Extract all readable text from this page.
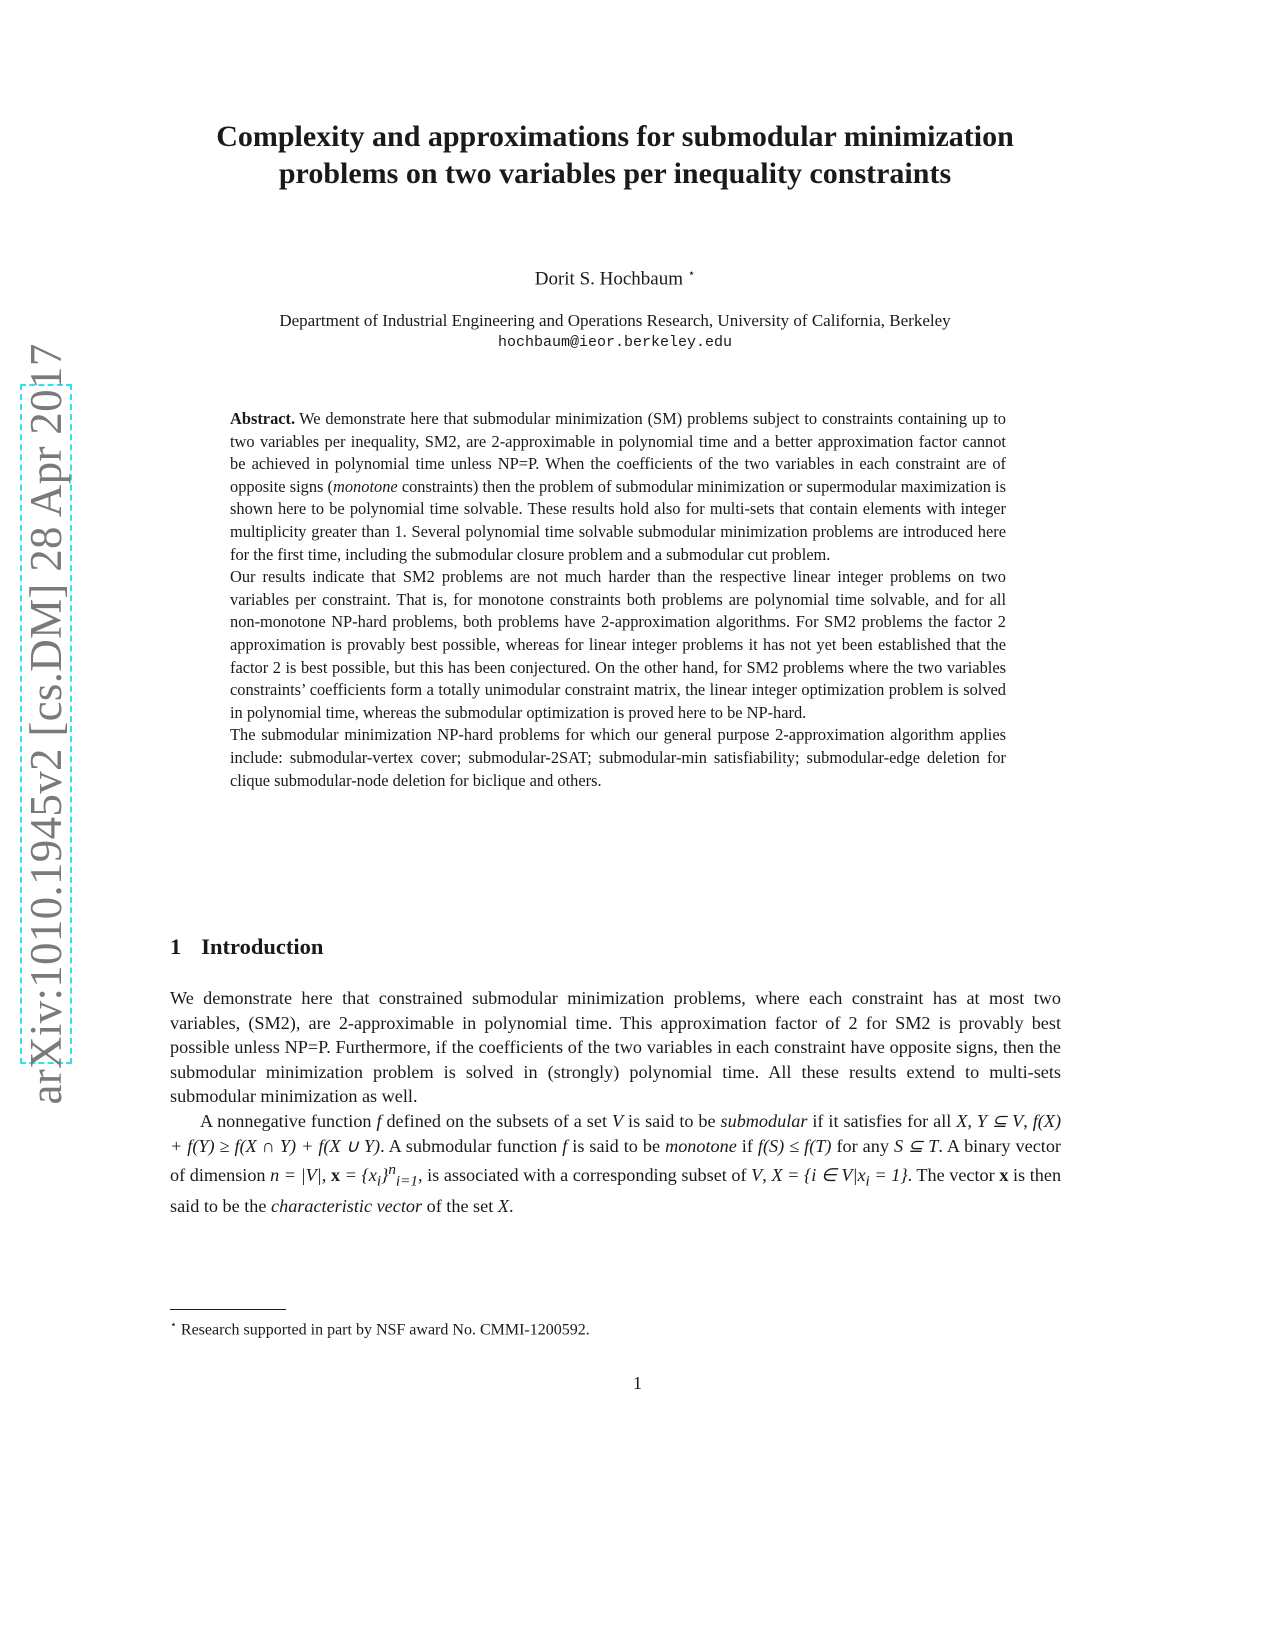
arXiv:1010.1945v2 [cs.DM] 28 Apr 2017
Complexity and approximations for submodular minimization problems on two variables per inequality constraints
Dorit S. Hochbaum ⋆
Department of Industrial Engineering and Operations Research, University of California, Berkeley
hochbaum@ieor.berkeley.edu

Abstract. We demonstrate here that submodular minimization (SM) problems subject to constraints containing up to two variables per inequality, SM2, are 2-approximable in polynomial time and a better approximation factor cannot be achieved in polynomial time unless NP=P. When the coefficients of the two variables in each constraint are of opposite signs (monotone constraints) then the problem of submodular minimization or supermodular maximization is shown here to be polynomial time solvable. These results hold also for multi-sets that contain elements with integer multiplicity greater than 1. Several polynomial time solvable submodular minimization problems are introduced here for the first time, including the submodular closure problem and a submodular cut problem.

Our results indicate that SM2 problems are not much harder than the respective linear integer problems on two variables per constraint. That is, for monotone constraints both problems are polynomial time solvable, and for all non-monotone NP-hard problems, both problems have 2-approximation algorithms. For SM2 problems the factor 2 approximation is provably best possible, whereas for linear integer problems it has not yet been established that the factor 2 is best possible, but this has been conjectured. On the other hand, for SM2 problems where the two variables constraints’ coefficients form a totally unimodular constraint matrix, the linear integer optimization problem is solved in polynomial time, whereas the submodular optimization is proved here to be NP-hard.

The submodular minimization NP-hard problems for which our general purpose 2-approximation algorithm applies include: submodular-vertex cover; submodular-2SAT; submodular-min satisfiability; submodular-edge deletion for clique submodular-node deletion for biclique and others.

1 Introduction

We demonstrate here that constrained submodular minimization problems, where each constraint has at most two variables, (SM2), are 2-approximable in polynomial time. This approximation factor of 2 for SM2 is provably best possible unless NP=P. Furthermore, if the coefficients of the two variables in each constraint have opposite signs, then the submodular minimization problem is solved in (strongly) polynomial time. All these results extend to multi-sets submodular minimization as well.

A nonnegative function f defined on the subsets of a set V is said to be submodular if it satisfies for all X, Y ⊆ V, f(X) + f(Y) ≥ f(X ∩ Y) + f(X ∪ Y). A submodular function f is said to be monotone if f(S) ≤ f(T) for any S ⊆ T. A binary vector of dimension n = |V|, $x = \{x_i\}^n_{i=1}$, is associated with a corresponding subset of V, X = {i ∈ $V|x_i = 1$}. The vector x is then said to be the characteristic vector of the set X.

⋆ Research supported in part by NSF award No. CMMI-1200592.
1
